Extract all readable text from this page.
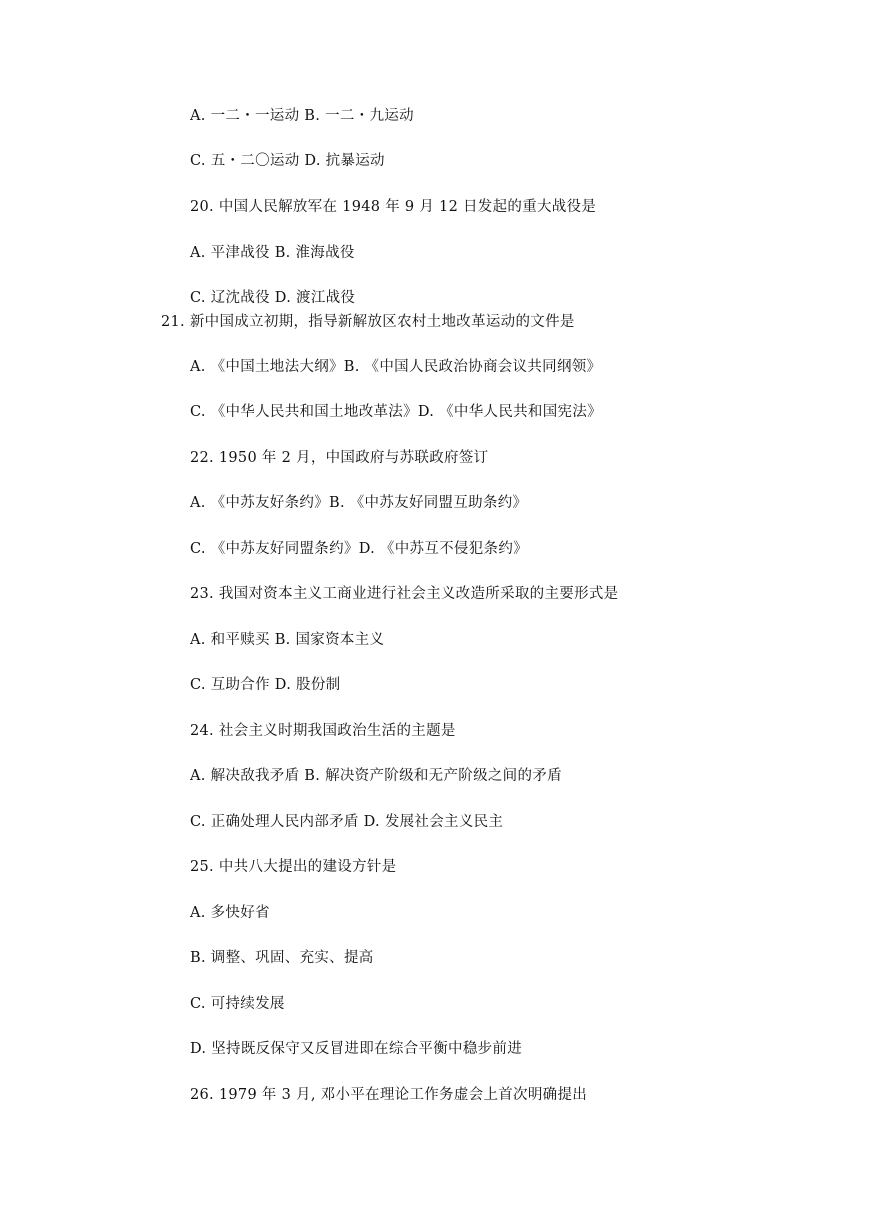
A. 一二・一运动 B. 一二・九运动
C. 五・二〇运动 D. 抗暴运动
20. 中国人民解放军在 1948 年 9 月 12 日发起的重大战役是
A. 平津战役 B. 淮海战役
C. 辽沈战役 D. 渡江战役
21. 新中国成立初期，指导新解放区农村土地改革运动的文件是
A. 《中国土地法大纲》B. 《中国人民政治协商会议共同纲领》
C. 《中华人民共和国土地改革法》D. 《中华人民共和国宪法》
22. 1950 年 2 月，中国政府与苏联政府签订
A. 《中苏友好条约》B. 《中苏友好同盟互助条约》
C. 《中苏友好同盟条约》D. 《中苏互不侵犯条约》
23. 我国对资本主义工商业进行社会主义改造所采取的主要形式是
A. 和平赎买 B. 国家资本主义
C. 互助合作 D. 股份制
24. 社会主义时期我国政治生活的主题是
A. 解决敌我矛盾 B. 解决资产阶级和无产阶级之间的矛盾
C. 正确处理人民内部矛盾 D. 发展社会主义民主
25. 中共八大提出的建设方针是
A. 多快好省
B. 调整、巩固、充实、提高
C. 可持续发展
D. 坚持既反保守又反冒进即在综合平衡中稳步前进
26. 1979 年 3 月, 邓小平在理论工作务虚会上首次明确提出
